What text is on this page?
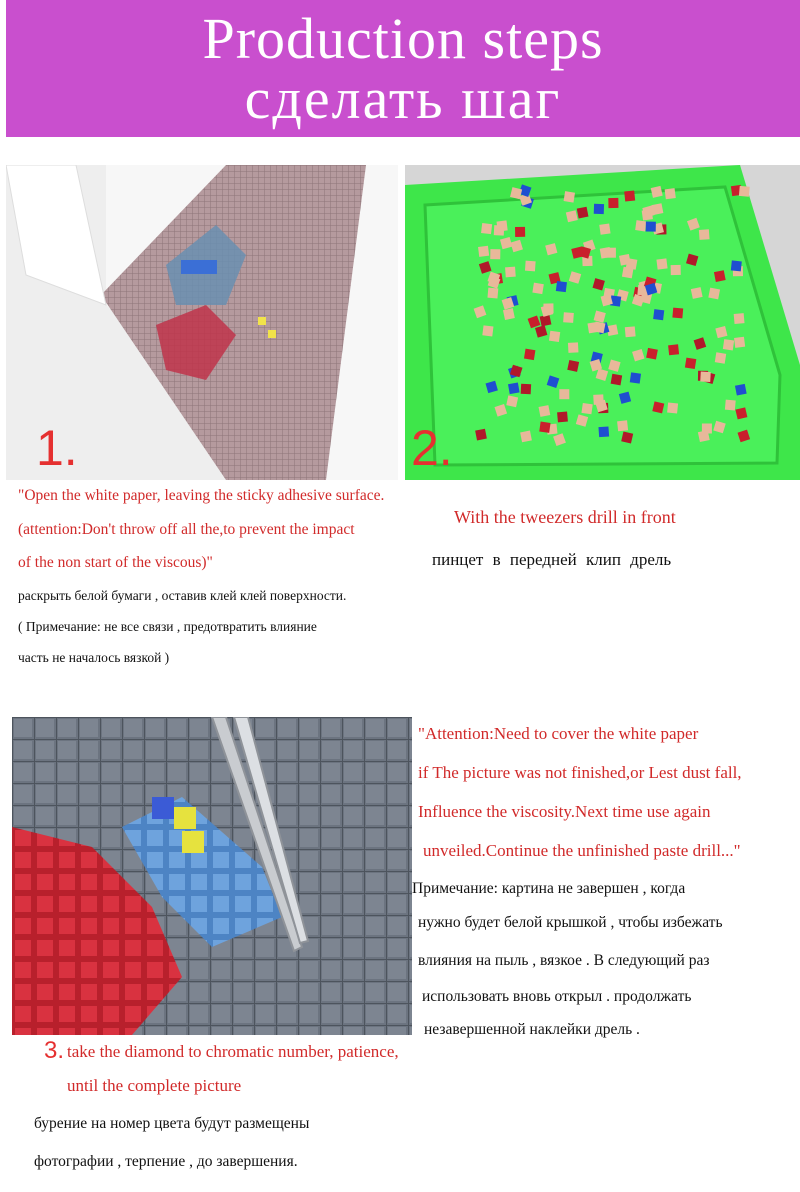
Production steps
сделать шаг
1.	2.
"Open the white paper, leaving the sticky adhesive surface.
(attention:Don't throw off all the,to prevent the impact
of the non start of the viscous)"
раскрыть белой бумаги , оставив клей клей поверхности.
( Примечание: не все связи , предотвратить влияние
часть не началось вязкой )
With the tweezers drill in front
пинцет в передней клип дрель
"Attention:Need to cover the white paper
if The picture was not finished,or Lest dust fall,
Influence the viscosity.Next time use again
unveiled.Continue the unfinished paste drill..."
Примечание: картина не завершен , когда
нужно будет белой крышкой , чтобы избежать
влияния на пыль , вязкое . В следующий раз
использовать вновь открыл . продолжать
незавершенной наклейки дрель .
3. take the diamond to chromatic number, patience,
until the complete picture
бурение на номер цвета будут размещены
фотографии , терпение , до завершения.
